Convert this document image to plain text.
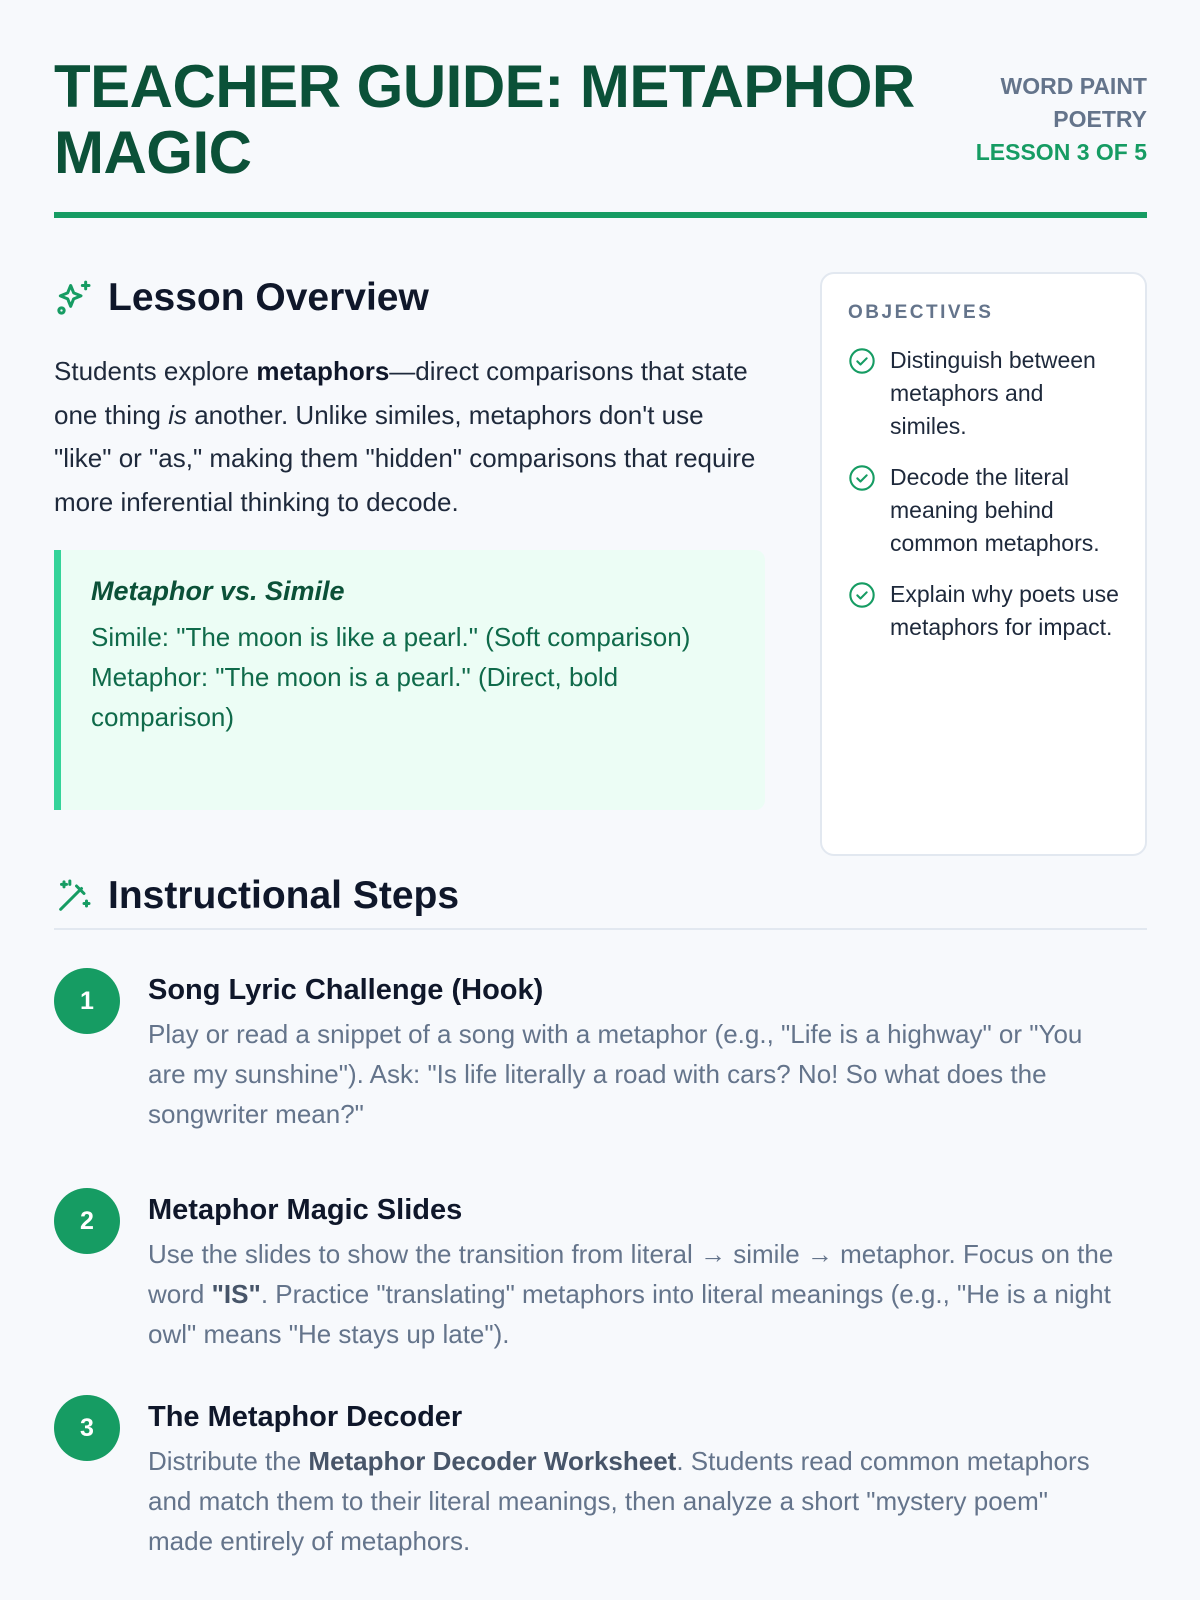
TEACHER GUIDE: METAPHOR MAGIC
WORD PAINT POETRY
LESSON 3 OF 5
Lesson Overview

Students explore metaphors—direct comparisons that state one thing is another. Unlike similes, metaphors don't use "like" or "as," making them "hidden" comparisons that require more inferential thinking to decode.

Metaphor vs. Simile
Simile: "The moon is like a pearl." (Soft comparison)
Metaphor: "The moon is a pearl." (Direct, bold comparison)
OBJECTIVES
Distinguish between metaphors and similes.
Decode the literal meaning behind common metaphors.
Explain why poets use metaphors for impact.
Instructional Steps
1	Song Lyric Challenge (Hook)
Play or read a snippet of a song with a metaphor (e.g., "Life is a highway" or "You are my sunshine"). Ask: "Is life literally a road with cars? No! So what does the songwriter mean?"
2	Metaphor Magic Slides
Use the slides to show the transition from literal → simile → metaphor. Focus on the word "IS". Practice "translating" metaphors into literal meanings (e.g., "He is a night owl" means "He stays up late").
3	The Metaphor Decoder
Distribute the Metaphor Decoder Worksheet. Students read common metaphors and match them to their literal meanings, then analyze a short "mystery poem" made entirely of metaphors.
